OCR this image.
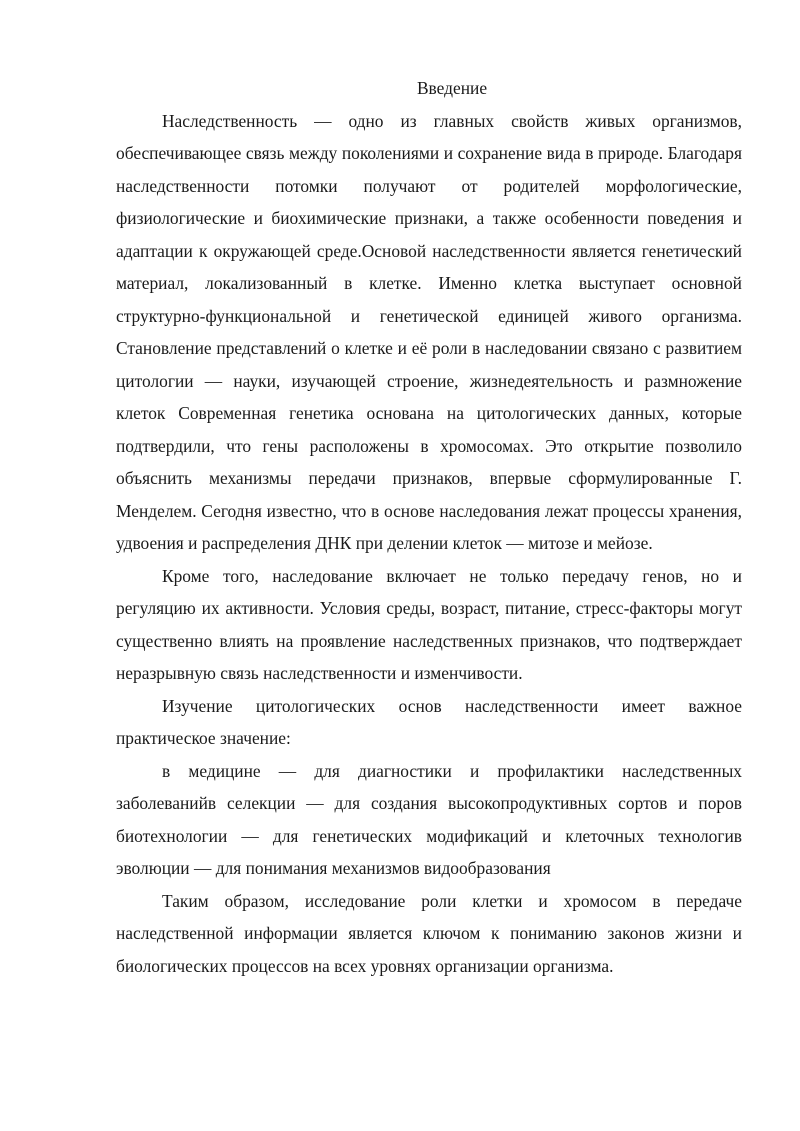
Введение

Наследственность — одно из главных свойств живых организмов, обеспечивающее связь между поколениями и сохранение вида в природе. Благодаря наследственности потомки получают от родителей морфологические, физиологические и биохимические признаки, а также особенности поведения и адаптации к окружающей среде.Основой наследственности является генетический материал, локализованный в клетке. Именно клетка выступает основной структурно-функциональной и генетической единицей живого организма. Становление представлений о клетке и её роли в наследовании связано с развитием цитологии — науки, изучающей строение, жизнедеятельность и размножение клеток Современная генетика основана на цитологических данных, которые подтвердили, что гены расположены в хромосомах. Это открытие позволило объяснить механизмы передачи признаков, впервые сформулированные Г. Менделем. Сегодня известно, что в основе наследования лежат процессы хранения, удвоения и распределения ДНК при делении клеток — митозе и мейозе.

Кроме того, наследование включает не только передачу генов, но и регуляцию их активности. Условия среды, возраст, питание, стресс-факторы могут существенно влиять на проявление наследственных признаков, что подтверждает неразрывную связь наследственности и изменчивости.

Изучение цитологических основ наследственности имеет важное практическое значение:

в медицине — для диагностики и профилактики наследственных заболеванийв селекции — для создания высокопродуктивных сортов и поров биотехнологии — для генетических модификаций и клеточных технологив эволюции — для понимания механизмов видообразования

Таким образом, исследование роли клетки и хромосом в передаче наследственной информации является ключом к пониманию законов жизни и биологических процессов на всех уровнях организации организма.
